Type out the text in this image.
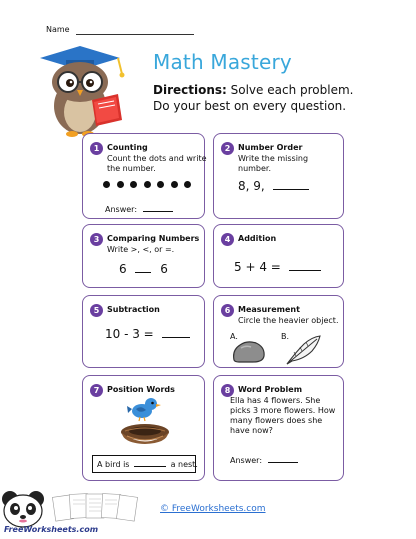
Name
Math Mastery
Directions: Solve each problem. Do your best on every question.
1 Counting
Count the dots and write the number.
Answer:
2 Number Order
Write the missing number.
8, 9,
3 Comparing Numbers
Write >, <, or =.
6	6
4 Addition
5 + 4 =
5 Subtraction
10 - 3 =
6 Measurement
Circle the heavier object.
A.	B.
7 Position Words
A bird is	a nest.
8 Word Problem
Ella has 4 flowers. She picks 3 more flowers. How many flowers does she have now?
Answer:
© FreeWorksheets.com
FreeWorksheets.com
